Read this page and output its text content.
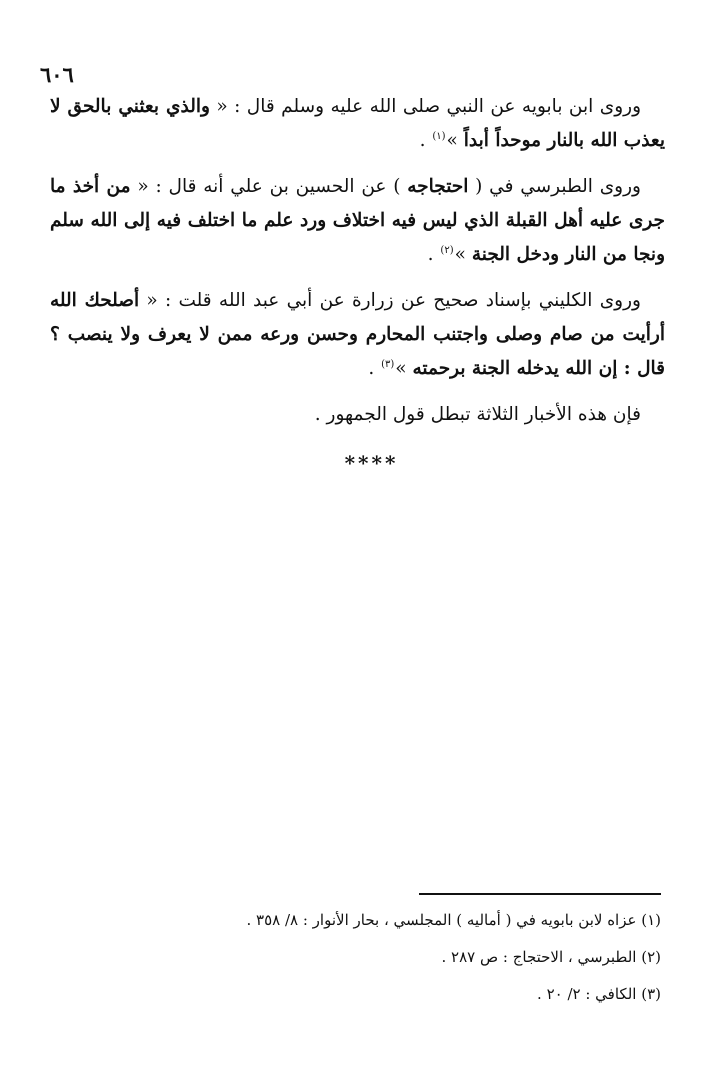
٦٠٦

وروى ابن بابويه عن النبي صلى الله عليه وسلم قال : « والذي بعثني بالحق لا يعذب الله بالنار موحداً أبداً »$^{(١)}$ .

وروى الطبرسي في ( احتجاجه ) عن الحسين بن علي أنه قال : « من أخذ ما جرى عليه أهل القبلة الذي ليس فيه اختلاف ورد علم ما اختلف فيه إلى الله سلم ونجا من النار ودخل الجنة »$^{(٢)}$ .

وروى الكليني بإسناد صحيح عن زرارة عن أبي عبد الله قلت : « أصلحك الله أرأيت من صام وصلى واجتنب المحارم وحسن ورعه ممن لا يعرف ولا ينصب ؟ قال : إن الله يدخله الجنة برحمته »$^{(٣)}$ .

فإن هذه الأخبار الثلاثة تبطل قول الجمهور .

****

(١) عزاه لابن بابويه في ( أماليه ) المجلسي ، بحار الأنوار : ٨/ ٣٥٨ .

(٢) الطبرسي ، الاحتجاج : ص ٢٨٧ .

(٣) الكافي : ٢/ ٢٠ .
